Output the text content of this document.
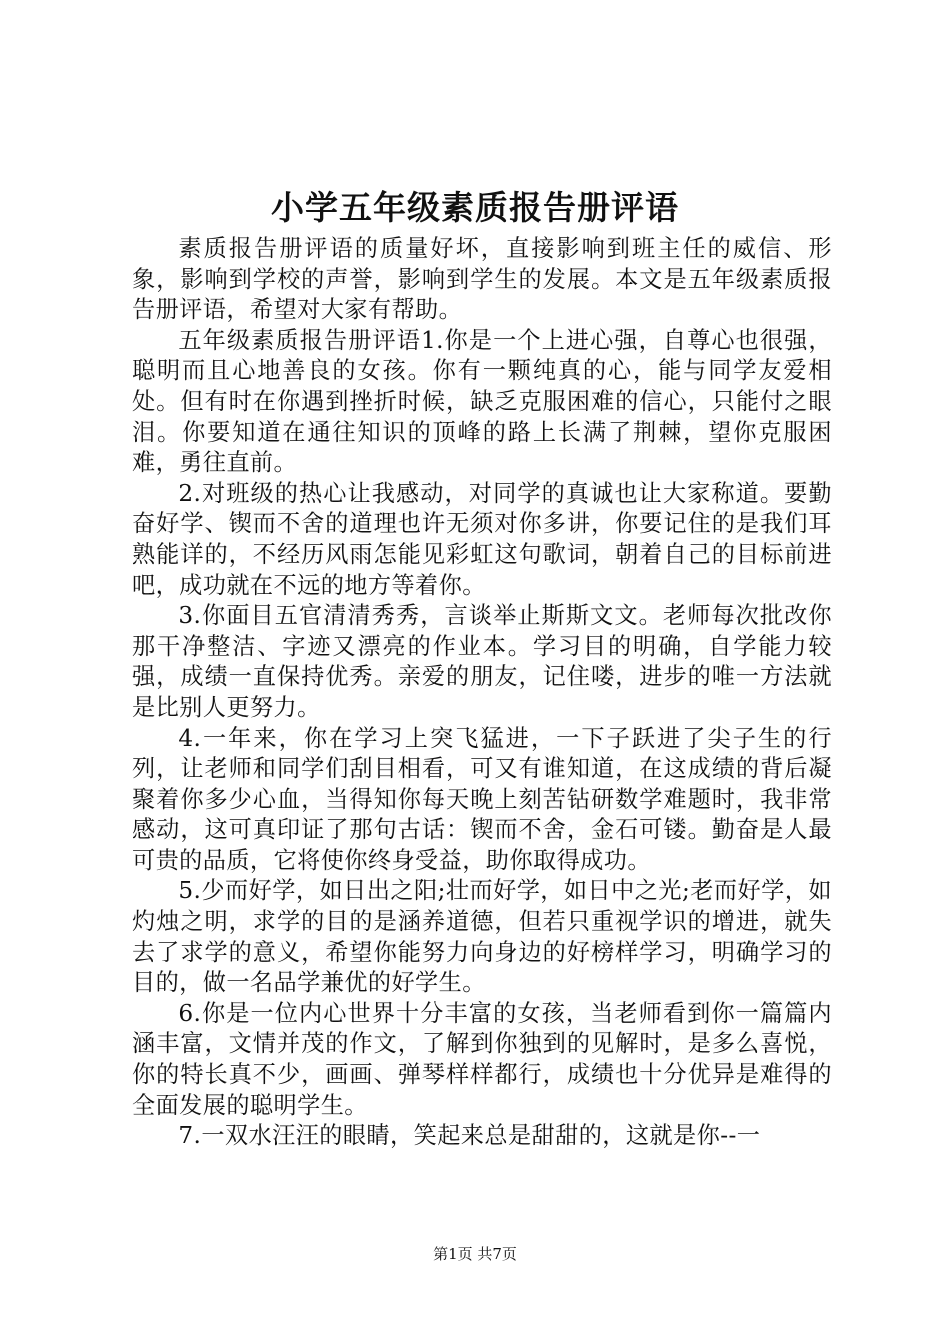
小学五年级素质报告册评语

素质报告册评语的质量好坏，直接影响到班主任的威信、形象，影响到学校的声誉，影响到学生的发展。本文是五年级素质报告册评语，希望对大家有帮助。

五年级素质报告册评语1.你是一个上进心强，自尊心也很强，聪明而且心地善良的女孩。你有一颗纯真的心，能与同学友爱相处。但有时在你遇到挫折时候，缺乏克服困难的信心，只能付之眼泪。你要知道在通往知识的顶峰的路上长满了荆棘，望你克服困难，勇往直前。

2.对班级的热心让我感动，对同学的真诚也让大家称道。要勤奋好学、锲而不舍的道理也许无须对你多讲，你要记住的是我们耳熟能详的，不经历风雨怎能见彩虹这句歌词，朝着自己的目标前进吧，成功就在不远的地方等着你。

3.你面目五官清清秀秀，言谈举止斯斯文文。老师每次批改你那干净整洁、字迹又漂亮的作业本。学习目的明确，自学能力较强，成绩一直保持优秀。亲爱的朋友，记住喽，进步的唯一方法就是比别人更努力。

4.一年来，你在学习上突飞猛进，一下子跃进了尖子生的行列，让老师和同学们刮目相看，可又有谁知道，在这成绩的背后凝聚着你多少心血，当得知你每天晚上刻苦钻研数学难题时，我非常感动，这可真印证了那句古话：锲而不舍，金石可镂。勤奋是人最可贵的品质，它将使你终身受益，助你取得成功。

5.少而好学，如日出之阳;壮而好学，如日中之光;老而好学，如灼烛之明，求学的目的是涵养道德，但若只重视学识的增进，就失去了求学的意义，希望你能努力向身边的好榜样学习，明确学习的目的，做一名品学兼优的好学生。

6.你是一位内心世界十分丰富的女孩，当老师看到你一篇篇内涵丰富，文情并茂的作文，了解到你独到的见解时，是多么喜悦，你的特长真不少，画画、弹琴样样都行，成绩也十分优异是难得的全面发展的聪明学生。

7.一双水汪汪的眼睛，笑起来总是甜甜的，这就是你--一

第1页 共7页
